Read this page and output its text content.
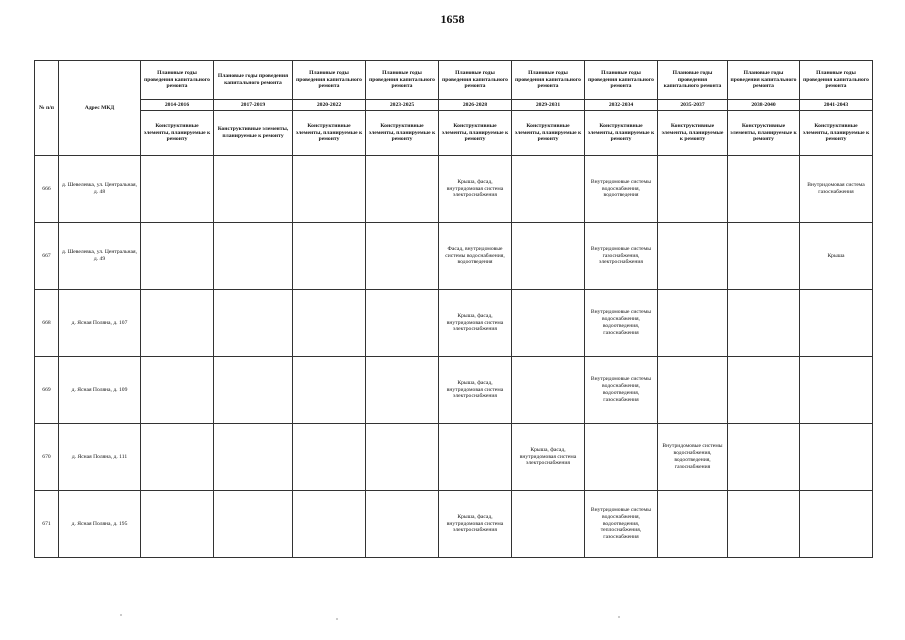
1658
№ п/п	Адрес МКД	Плановые годы проведения капитального ремонта	Плановые годы проведения капитального ремонта	Плановые годы проведения капитального ремонта	Плановые годы проведения капитального ремонта	Плановые годы проведения капитального ремонта	Плановые годы проведения капитального ремонта	Плановые годы проведения капитального ремонта	Плановые годы проведения капитального ремонта	Плановые годы проведения капитального ремонта	Плановые годы проведения капитального ремонта
		2014-2016	2017-2019	2020-2022	2023-2025	2026-2028	2029-2031	2032-2034	2035-2037	2038-2040	2041-2043
		Конструктивные элементы, планируемые к ремонту	Конструктивные элементы, планируемые к ремонту	Конструктивные элементы, планируемые к ремонту	Конструктивные элементы, планируемые к ремонту	Конструктивные элементы, планируемые к ремонту	Конструктивные элементы, планируемые к ремонту	Конструктивные элементы, планируемые к ремонту	Конструктивные элементы, планируемые к ремонту	Конструктивные элементы, планируемые к ремонту	Конструктивные элементы, планируемые к ремонту
666	д. Шевелевка, ул. Центральная, д. 48					Крыша, фасад, внутридомовая система электроснабжения		Внутридомовые системы водоснабжения, водоотведения			Внутридомовая система газоснабжения
667	д. Шевелевка, ул. Центральная, д. 49					Фасад, внутридомовые системы водоснабжения, водоотведения		Внутридомовые системы газоснабжения, электроснабжения			Крыша
668	д. Ясная Поляна, д. 107					Крыша, фасад, внутридомовая система электроснабжения		Внутридомовые системы водоснабжения, водоотведения, газоснабжения			
669	д. Ясная Поляна, д. 109					Крыша, фасад, внутридомовая система электроснабжения		Внутридомовые системы водоснабжения, водоотведения, газоснабжения			
670	д. Ясная Поляна, д. 111						Крыша, фасад, внутридомовая система электроснабжения		Внутридомовые системы водоснабжения, водоотведения, газоснабжения		
671	д. Ясная Поляна, д. 195					Крыша, фасад, внутридомовая система электроснабжения		Внутридомовые системы водоснабжения, водоотведения, теплоснабжения, газоснабжения			
